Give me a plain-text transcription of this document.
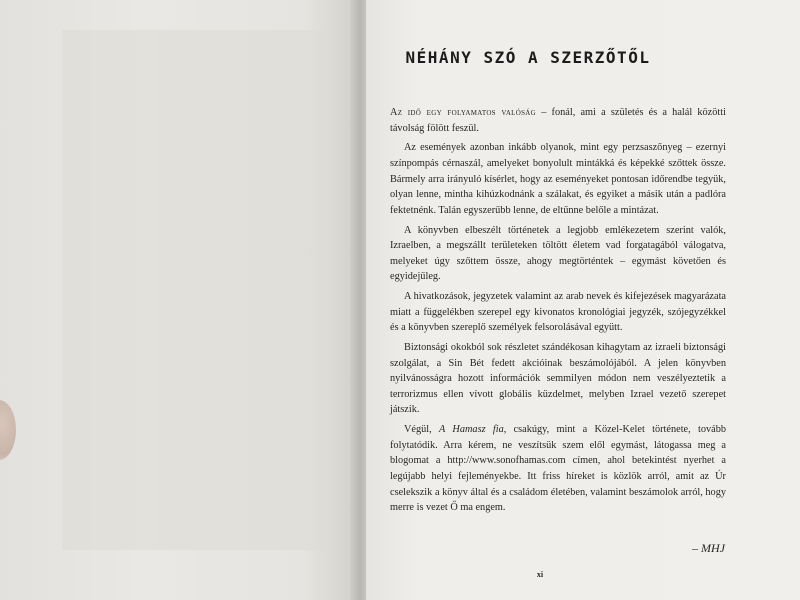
NÉHÁNY SZÓ A SZERZŐTŐL

Az idő egy folyamatos valóság – fonál, ami a születés és a halál közötti távolság fölött feszül.

Az események azonban inkább olyanok, mint egy perzsaszőnyeg – ezernyi színpompás cérnaszál, amelyeket bonyolult mintákká és képekké szőttek össze. Bármely arra irányuló kísérlet, hogy az eseményeket pontosan időrendbe tegyük, olyan lenne, mintha kihúzkodnánk a szálakat, és egyiket a másik után a padlóra fektetnénk. Talán egyszerűbb lenne, de eltűnne belőle a mintázat.

A könyvben elbeszélt történetek a legjobb emlékezetem szerint valók, Izraelben, a megszállt területeken töltött életem vad forgatagából válogatva, melyeket úgy szőttem össze, ahogy megtörténtek – egymást követően és egyidejűleg.

A hivatkozások, jegyzetek valamint az arab nevek és kifejezések magyarázata miatt a függelékben szerepel egy kivonatos kronológiai jegyzék, szójegyzékkel és a könyvben szereplő személyek felsorolásával együtt.

Biztonsági okokból sok részletet szándékosan kihagytam az izraeli biztonsági szolgálat, a Sin Bét fedett akcióinak beszámolójából. A jelen könyvben nyilvánosságra hozott információk semmilyen módon nem veszélyeztetik a terrorizmus ellen vívott globális küzdelmet, melyben Izrael vezető szerepet játszik.

Végül, A Hamasz fia, csakúgy, mint a Közel-Kelet története, tovább folytatódik. Arra kérem, ne veszítsük szem elől egymást, látogassa meg a blogomat a http://www.sonofhamas.com címen, ahol betekintést nyerhet a legújabb helyi fejleményekbe. Itt friss híreket is közlök arról, amit az Úr cselekszik a könyv által és a családom életében, valamint beszámolok arról, hogy merre is vezet Ő ma engem.

– MHJ
xi
